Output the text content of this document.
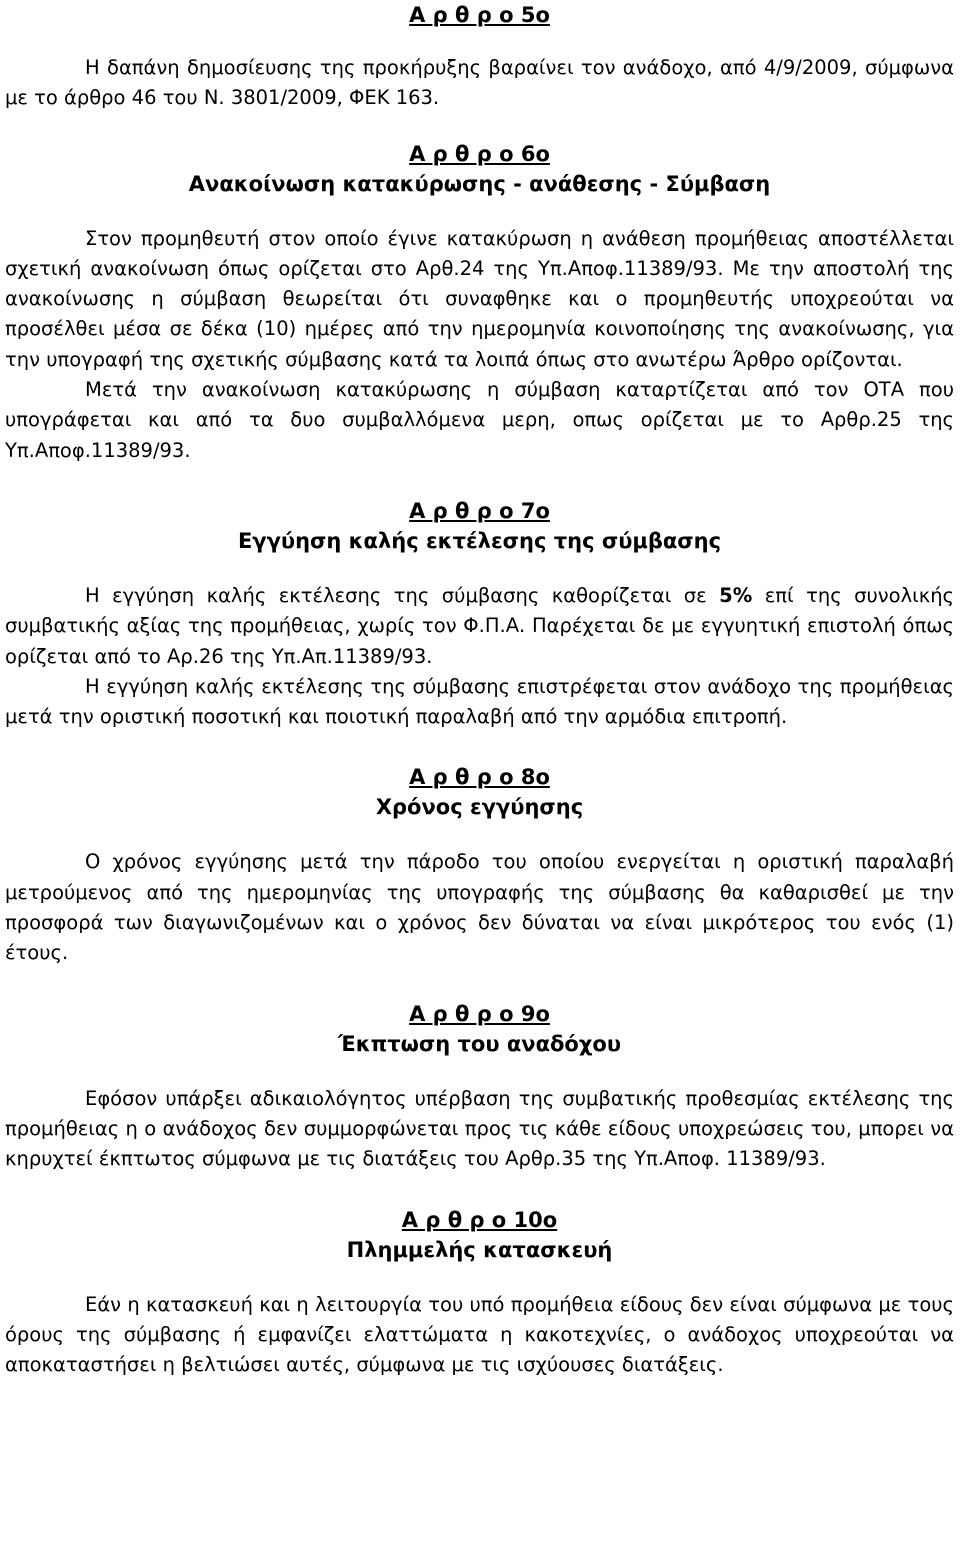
Α ρ θ ρ ο 5ο

Η δαπάνη δημοσίευσης της προκήρυξης βαραίνει τον ανάδοχο, από 4/9/2009, σύμφωνα με το άρθρο 46 του Ν. 3801/2009, ΦΕΚ 163.

Α ρ θ ρ ο 6ο
Ανακοίνωση κατακύρωσης - ανάθεσης - Σύμβαση

Στον προμηθευτή στον οποίο έγινε κατακύρωση η ανάθεση προμήθειας αποστέλλεται σχετική ανακοίνωση όπως ορίζεται στο Αρθ.24 της Υπ.Αποφ.11389/93. Με την αποστολή της ανακοίνωσης η σύμβαση θεωρείται ότι συναφθηκε και ο προμηθευτής υποχρεούται να προσέλθει μέσα σε δέκα (10) ημέρες από την ημερομηνία κοινοποίησης της ανακοίνωσης, για την υπογραφή της σχετικής σύμβασης κατά τα λοιπά όπως στο ανωτέρω Άρθρο ορίζονται.

Μετά την ανακοίνωση κατακύρωσης η σύμβαση καταρτίζεται από τον ΟΤΑ που υπογράφεται και από τα δυο συμβαλλόμενα μερη, οπως ορίζεται με το Αρθρ.25 της Υπ.Αποφ.11389/93.

Α ρ θ ρ ο 7ο
Εγγύηση καλής εκτέλεσης της σύμβασης

Η εγγύηση καλής εκτέλεσης της σύμβασης καθορίζεται σε 5% επί της συνολικής συμβατικής αξίας της προμήθειας, χωρίς τον Φ.Π.Α. Παρέχεται δε με εγγυητική επιστολή όπως ορίζεται από το Αρ.26 της Υπ.Απ.11389/93.

Η εγγύηση καλής εκτέλεσης της σύμβασης επιστρέφεται στον ανάδοχο της προμήθειας μετά την οριστική ποσοτική και ποιοτική παραλαβή από την αρμόδια επιτροπή.

Α ρ θ ρ ο 8ο
Χρόνος εγγύησης

Ο χρόνος εγγύησης μετά την πάροδο του οποίου ενεργείται η οριστική παραλαβή μετρούμενος από της ημερομηνίας της υπογραφής της σύμβασης θα καθαρισθεί με την προσφορά των διαγωνιζομένων και ο χρόνος δεν δύναται να είναι μικρότερος του ενός (1) έτους.

Α ρ θ ρ ο 9ο
Έκπτωση του αναδόχου

Εφόσον υπάρξει αδικαιολόγητος υπέρβαση της συμβατικής προθεσμίας εκτέλεσης της προμήθειας η ο ανάδοχος δεν συμμορφώνεται προς τις κάθε είδους υποχρεώσεις του, μπορει να κηρυχτεί έκπτωτος σύμφωνα με τις διατάξεις του Αρθρ.35 της Υπ.Αποφ. 11389/93.

Α ρ θ ρ ο 10ο
Πλημμελής κατασκευή

Εάν η κατασκευή και η λειτουργία του υπό προμήθεια είδους δεν είναι σύμφωνα με τους όρους της σύμβασης ή εμφανίζει ελαττώματα η κακοτεχνίες, ο ανάδοχος υποχρεούται να αποκαταστήσει η βελτιώσει αυτές, σύμφωνα με τις ισχύουσες διατάξεις.
